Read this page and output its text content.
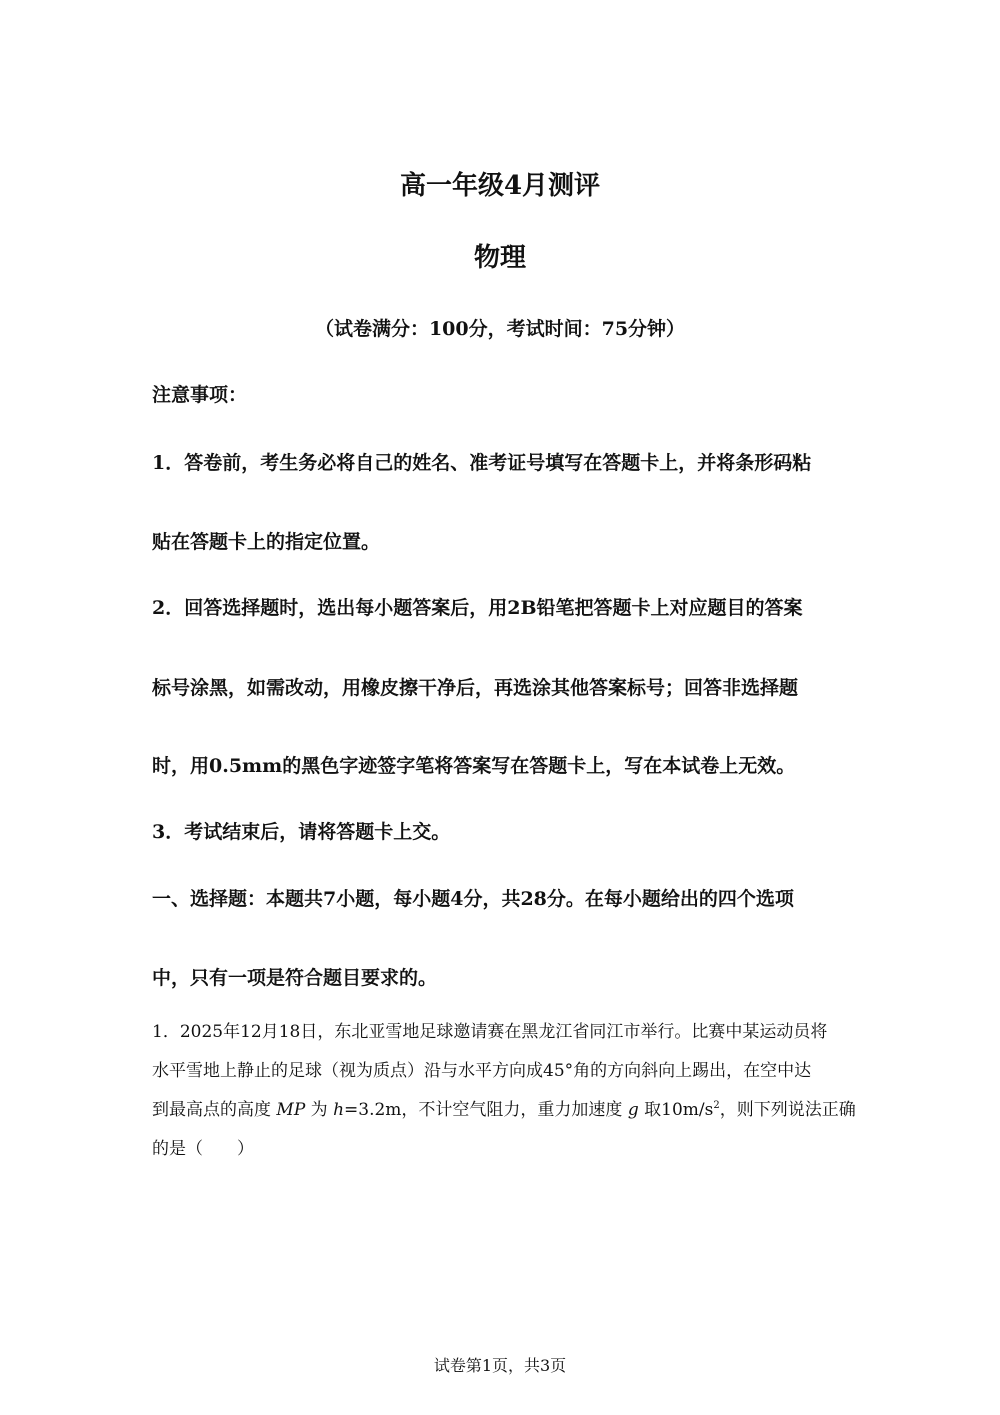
高一年级4月测评
物理
（试卷满分：100分，考试时间：75分钟）
注意事项：
1．答卷前，考生务必将自己的姓名、准考证号填写在答题卡上，并将条形码粘
贴在答题卡上的指定位置。
2．回答选择题时，选出每小题答案后，用2B铅笔把答题卡上对应题目的答案
标号涂黑，如需改动，用橡皮擦干净后，再选涂其他答案标号；回答非选择题
时，用0.5mm的黑色字迹签字笔将答案写在答题卡上，写在本试卷上无效。
3．考试结束后，请将答题卡上交。
一、选择题：本题共7小题，每小题4分，共28分。在每小题给出的四个选项
中，只有一项是符合题目要求的。
1．2025年12月18日，东北亚雪地足球邀请赛在黑龙江省同江市举行。比赛中某运动员将
水平雪地上静止的足球（视为质点）沿与水平方向成45°角的方向斜向上踢出，在空中达
到最高点的高度 MP 为 h=3.2m，不计空气阻力，重力加速度 g 取$10m/s^2$，则下列说法正确
的是（　　）
试卷第1页，共3页
